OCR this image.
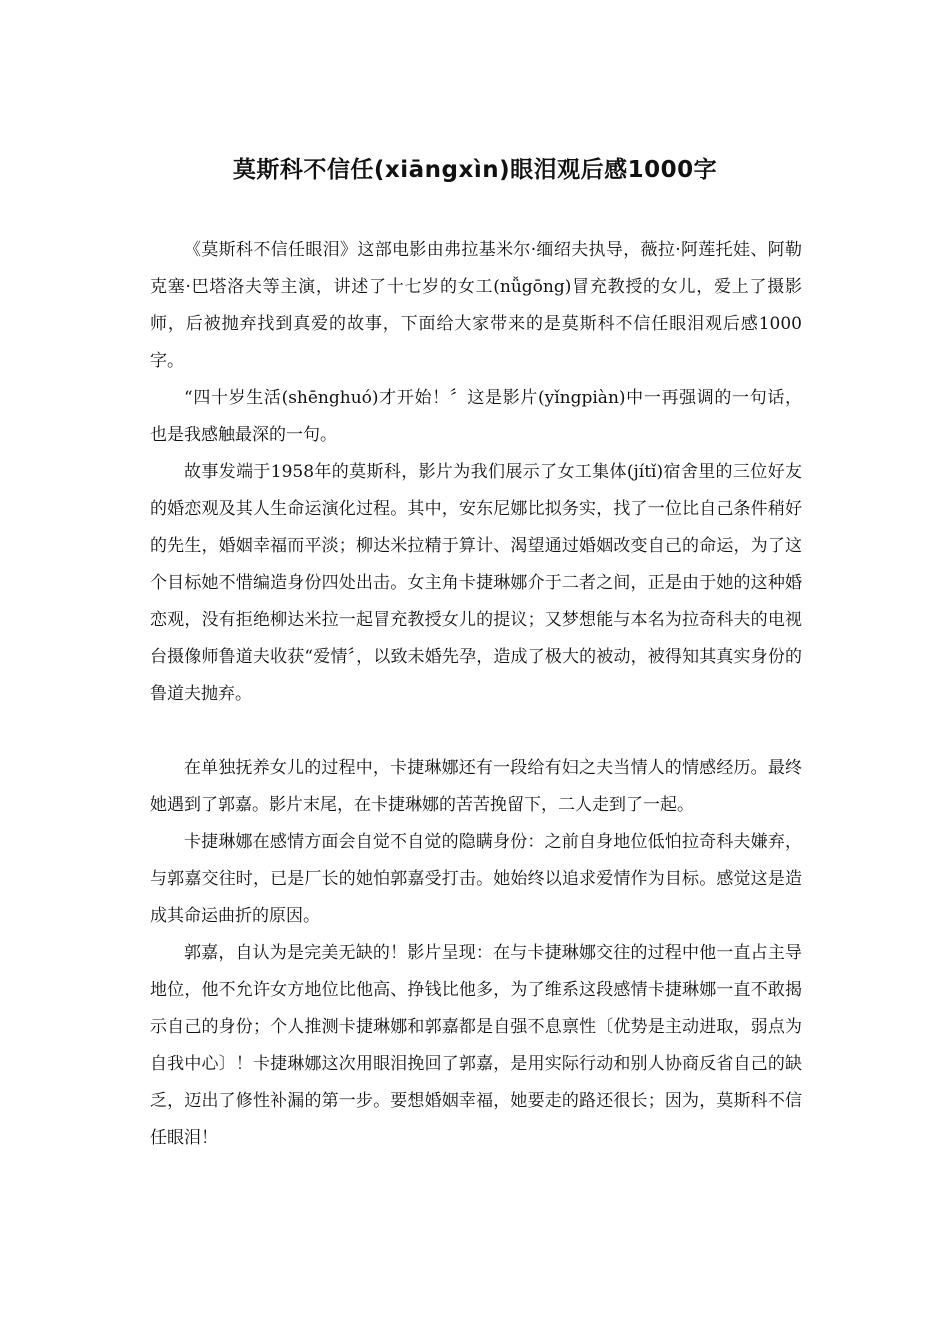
莫斯科不信任(xiāngxìn)眼泪观后感1000字

《莫斯科不信任眼泪》这部电影由弗拉基米尔·缅绍夫执导，薇拉·阿莲托娃、阿勒克塞·巴塔洛夫等主演，讲述了十七岁的女工(nǚgōng)冒充教授的女儿，爱上了摄影师，后被抛弃找到真爱的故事，下面给大家带来的是莫斯科不信任眼泪观后感1000字。

“四十岁生活(shēnghuó)才开始！〞这是影片(yǐngpiàn)中一再强调的一句话，也是我感触最深的一句。

故事发端于1958年的莫斯科，影片为我们展示了女工集体(jítǐ)宿舍里的三位好友的婚恋观及其人生命运演化过程。其中，安东尼娜比拟务实，找了一位比自己条件稍好的先生，婚姻幸福而平淡；柳达米拉精于算计、渴望通过婚姻改变自己的命运，为了这个目标她不惜编造身份四处出击。女主角卡捷琳娜介于二者之间，正是由于她的这种婚恋观，没有拒绝柳达米拉一起冒充教授女儿的提议；又梦想能与本名为拉奇科夫的电视台摄像师鲁道夫收获“爱情〞，以致未婚先孕，造成了极大的被动，被得知其真实身份的鲁道夫抛弃。

在单独抚养女儿的过程中，卡捷琳娜还有一段给有妇之夫当情人的情感经历。最终她遇到了郭嘉。影片末尾，在卡捷琳娜的苦苦挽留下，二人走到了一起。

卡捷琳娜在感情方面会自觉不自觉的隐瞒身份：之前自身地位低怕拉奇科夫嫌弃，与郭嘉交往时，已是厂长的她怕郭嘉受打击。她始终以追求爱情作为目标。感觉这是造成其命运曲折的原因。

郭嘉，自认为是完美无缺的！影片呈现：在与卡捷琳娜交往的过程中他一直占主导地位，他不允许女方地位比他高、挣钱比他多，为了维系这段感情卡捷琳娜一直不敢揭示自己的身份；个人推测卡捷琳娜和郭嘉都是自强不息禀性〔优势是主动进取，弱点为自我中心〕！卡捷琳娜这次用眼泪挽回了郭嘉，是用实际行动和别人协商反省自己的缺乏，迈出了修性补漏的第一步。要想婚姻幸福，她要走的路还很长；因为，莫斯科不信任眼泪！
